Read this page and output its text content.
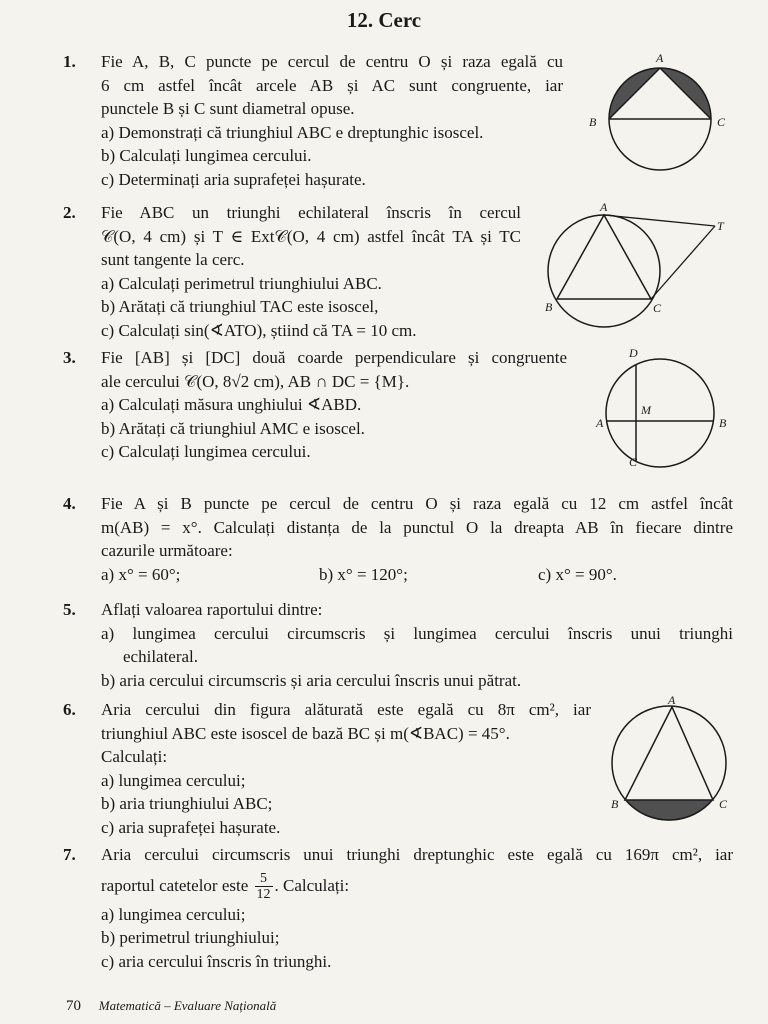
12. Cerc
1. Fie A, B, C puncte pe cercul de centru O și raza egală cu
6 cm astfel încât arcele AB și AC sunt congruente, iar
punctele B și C sunt diametral opuse.
a) Demonstrați că triunghiul ABC e dreptunghic isoscel.
b) Calculați lungimea cercului.
c) Determinați aria suprafeței hașurate.
2. Fie ABC un triunghi echilateral înscris în cercul
𝒞(O, 4 cm) și T ∈ Ext𝒞(O, 4 cm) astfel încât TA și TC
sunt tangente la cerc.
a) Calculați perimetrul triunghiului ABC.
b) Arătați că triunghiul TAC este isoscel,
c) Calculați sin(∢ATO), știind că TA = 10 cm.
3. Fie [AB] și [DC] două coarde perpendiculare și congruente
ale cercului 𝒞(O, 8√2 cm), AB ∩ DC = {M}.
a) Calculați măsura unghiului ∢ABD.
b) Arătați că triunghiul AMC e isoscel.
c) Calculați lungimea cercului.
4. Fie A și B puncte pe cercul de centru O și raza egală cu 12 cm astfel încât
m(AB) = x°. Calculați distanța de la punctul O la dreapta AB în fiecare dintre
cazurile următoare:
a) x° = 60°;	b) x° = 120°;	c) x° = 90°.
5. Aflați valoarea raportului dintre:
a) lungimea cercului circumscris și lungimea cercului înscris unui triunghi
echilateral.
b) aria cercului circumscris și aria cercului înscris unui pătrat.
6. Aria cercului din figura alăturată este egală cu 8π cm², iar
triunghiul ABC este isoscel de bază BC și m(∢BAC) = 45°.
Calculați:
a) lungimea cercului;
b) aria triunghiului ABC;
c) aria suprafeței hașurate.
7. Aria cercului circumscris unui triunghi dreptunghic este egală cu 169π cm², iar
raportul catetelor este $\frac{5}{12}$ . Calculați:
a) lungimea cercului;
b) perimetrul triunghiului;
c) aria cercului înscris în triunghi.
A
B	C
A
B	C
T
D
A
M
B
C
A
B	C
70 Matematică – Evaluare Națională
